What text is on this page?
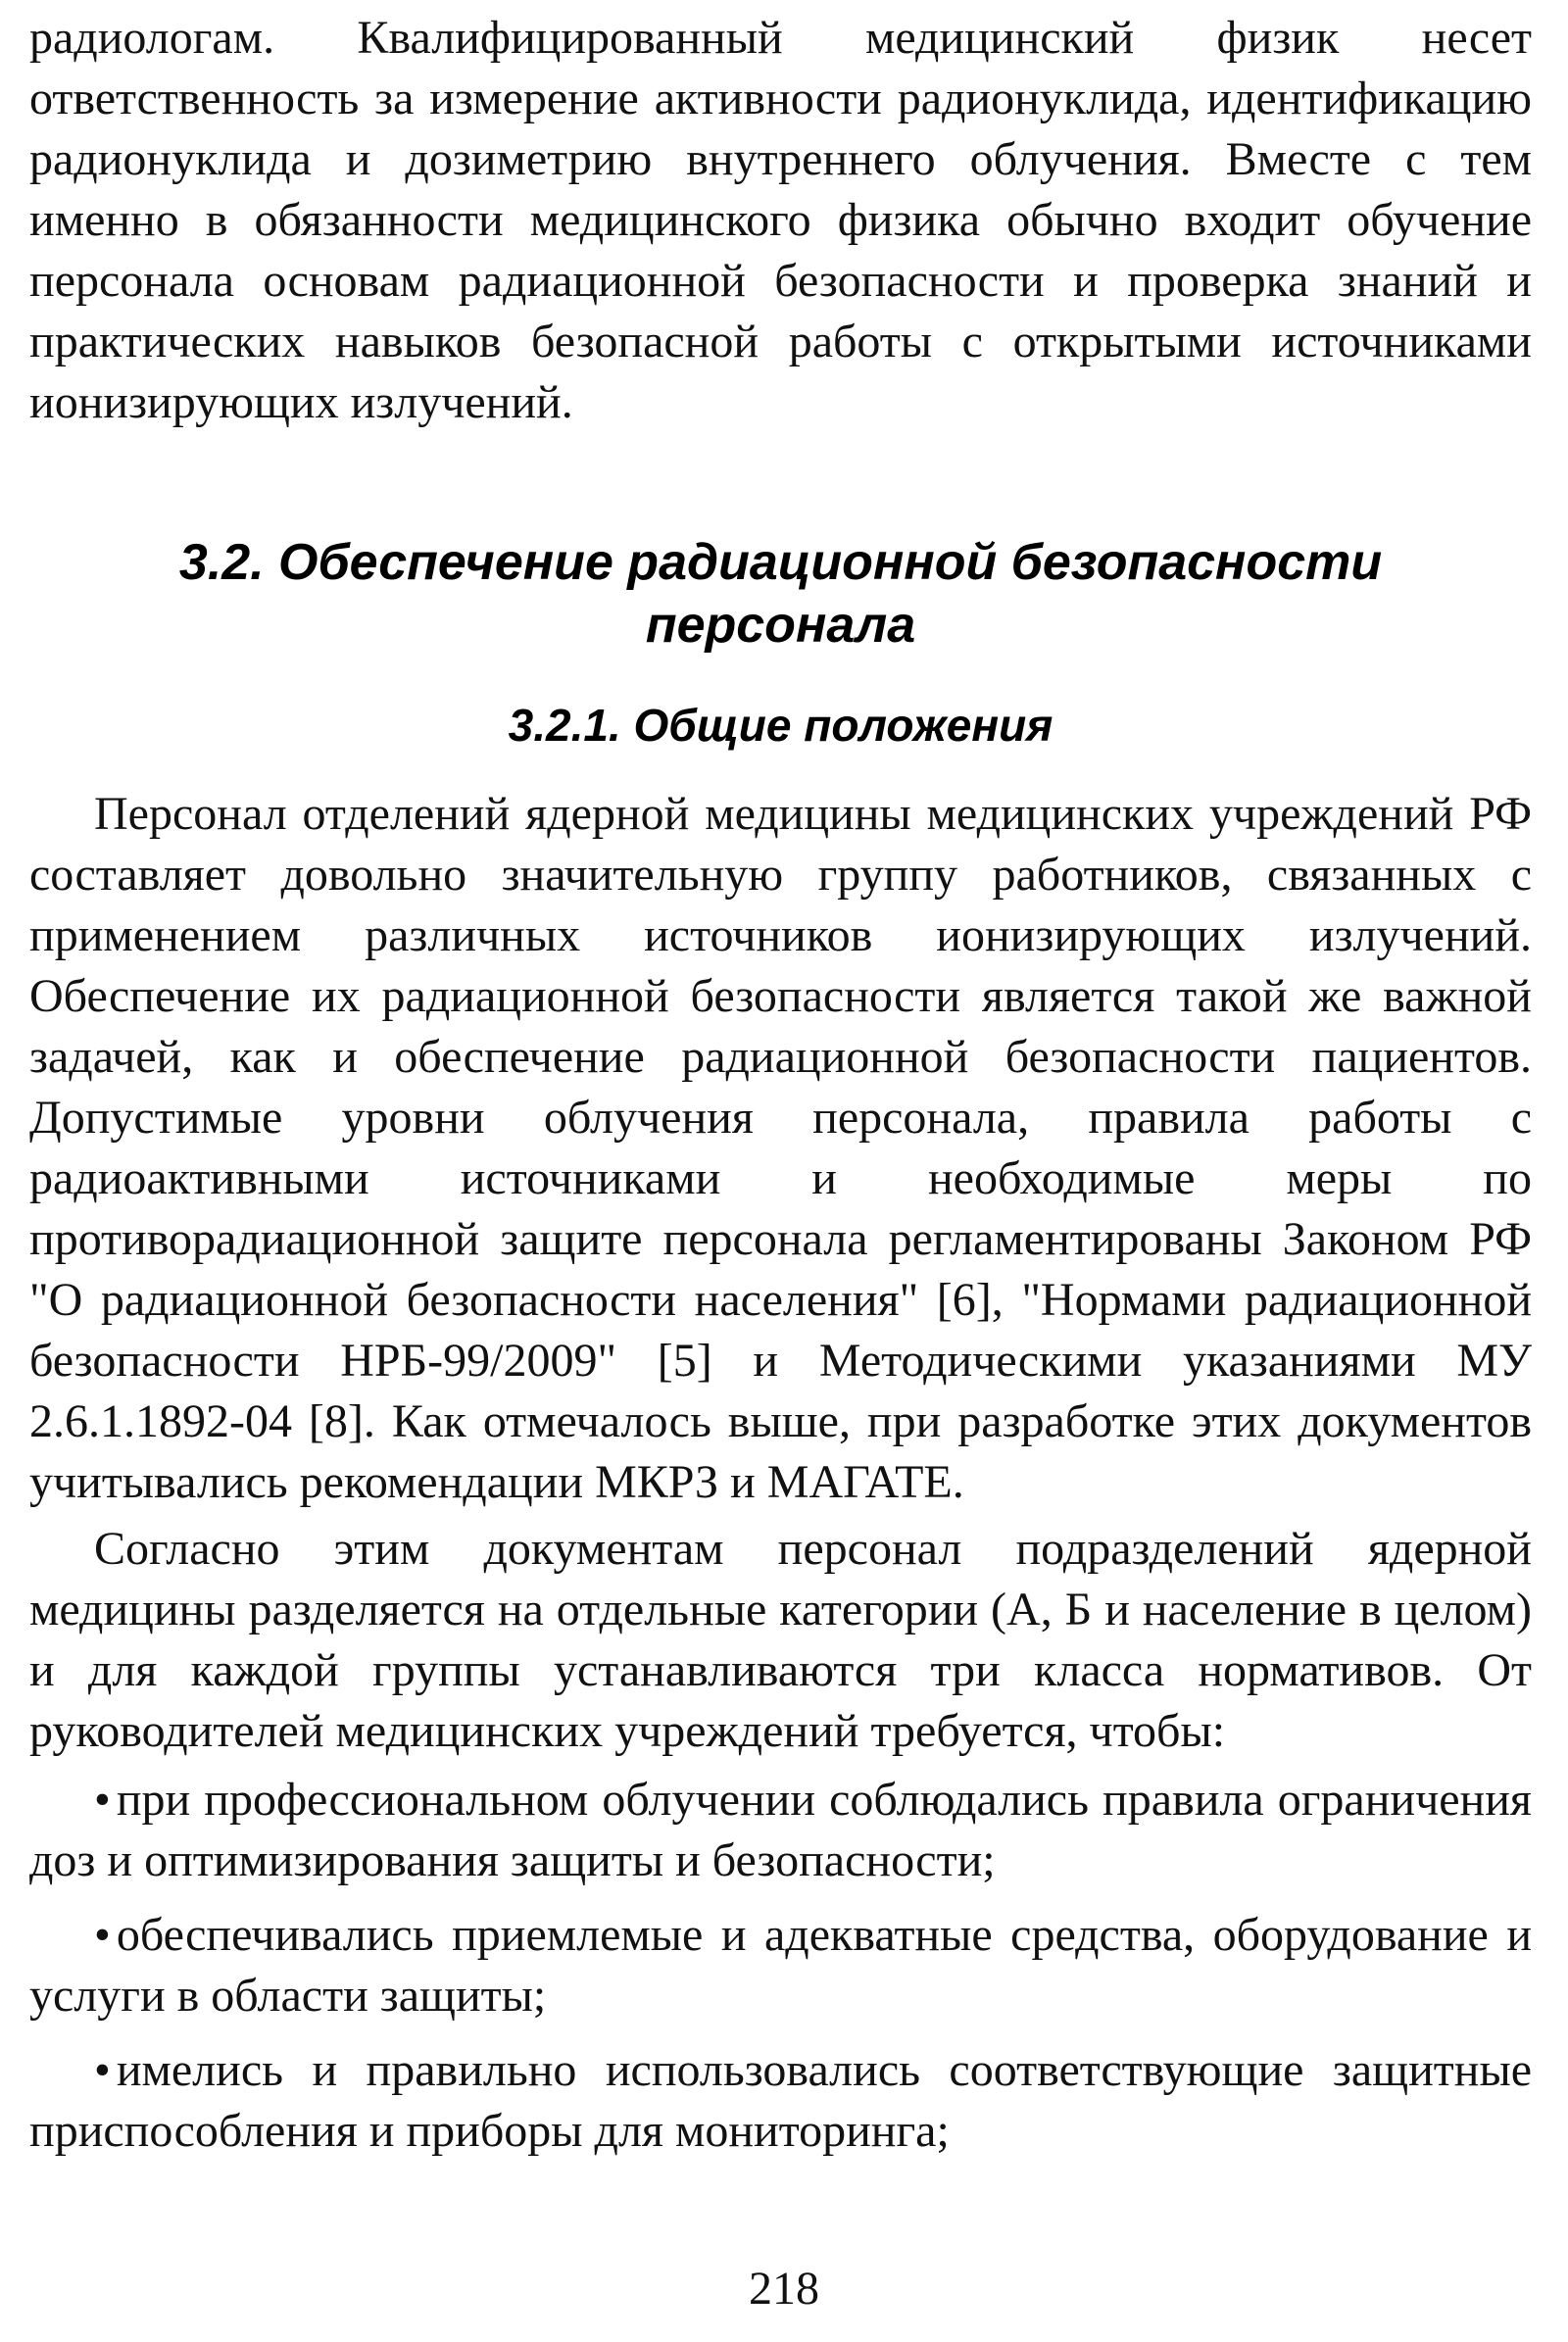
радиологам. Квалифицированный медицинский физик несет ответственность за измерение активности радионуклида, идентификацию радионуклида и дозиметрию внутреннего облучения. Вместе с тем именно в обязанности медицинского физика обычно входит обучение персонала основам радиационной безопасности и проверка знаний и практических навыков безопасной работы с открытыми источниками ионизирующих излучений.

3.2. Обеспечение радиационной безопасности
персонала
3.2.1. Общие положения

Персонал отделений ядерной медицины медицинских учреждений РФ составляет довольно значительную группу работников, связанных с применением различных источников ионизирующих излучений. Обеспечение их радиационной безопасности является такой же важной задачей, как и обеспечение радиационной безопасности пациентов. Допустимые уровни облучения персонала, правила работы с радиоактивными источниками и необходимые меры по противорадиационной защите персонала регламентированы Законом РФ "О радиационной безопасности населения" [6], "Нормами радиационной безопасности НРБ-99/2009" [5] и Методическими указаниями МУ 2.6.1.1892-04 [8]. Как отмечалось выше, при разработке этих документов учитывались рекомендации МКРЗ и МАГАТЕ.

Согласно этим документам персонал подразделений ядерной медицины разделяется на отдельные категории (А, Б и население в целом) и для каждой группы устанавливаются три класса нормативов. От руководителей медицинских учреждений требуется, чтобы:

• при профессиональном облучении соблюдались правила ограничения доз и оптимизирования защиты и безопасности;
• обеспечивались приемлемые и адекватные средства, оборудование и услуги в области защиты;
• имелись и правильно использовались соответствующие защитные приспособления и приборы для мониторинга;
218
